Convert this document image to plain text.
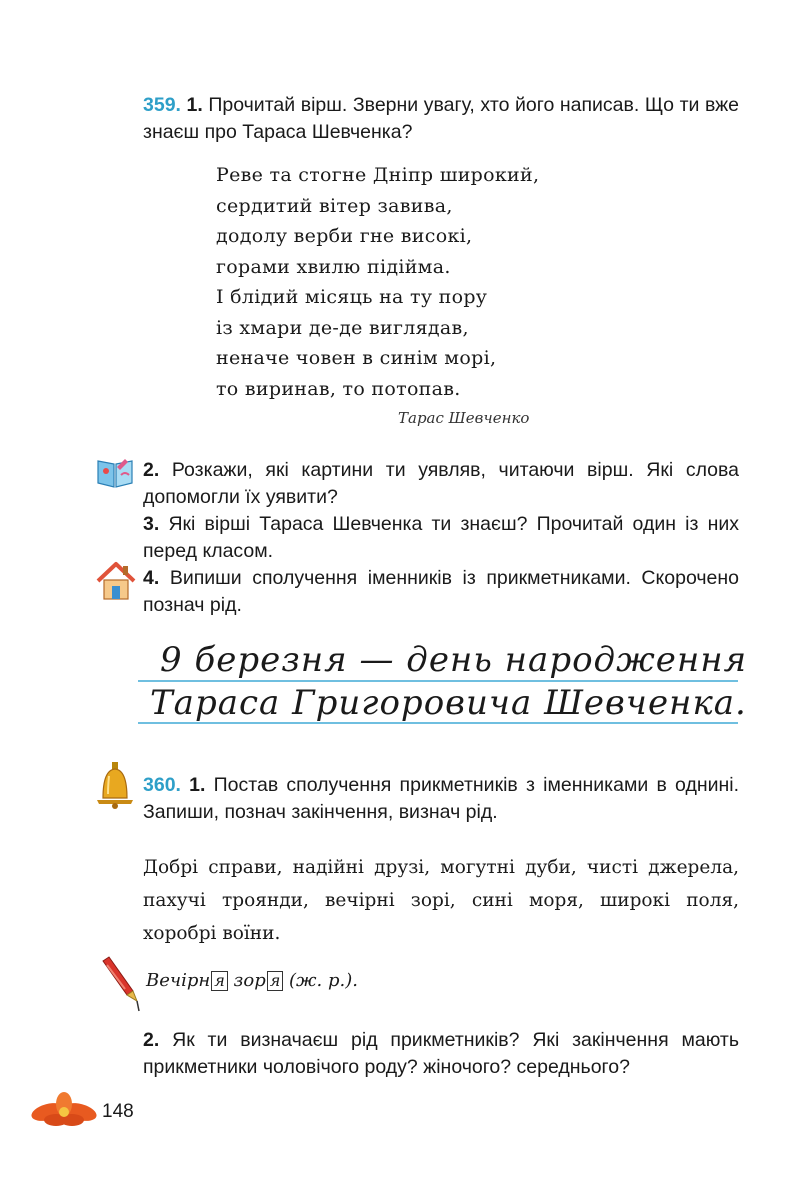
359. 1. Прочитай вірш. Зверни увагу, хто його написав. Що ти вже знаєш про Тараса Шевченка?
Реве та стогне Дніпр широкий,
сердитий вітер завива,
додолу верби гне високі,
горами хвилю підійма.
І блідий місяць на ту пору
із хмари де-де виглядав,
неначе човен в синім морі,
то виринав, то потопав.
Тарас Шевченко
2. Розкажи, які картини ти уявляв, читаючи вірш. Які слова допомогли їх уявити?
3. Які вірші Тараса Шевченка ти знаєш? Прочитай один із них перед класом.
4. Випиши сполучення іменників із прикметниками. Скорочено познач рід.
9 березня — день народження
Тараса Григоровича Шевченка.
360. 1. Постав сполучення прикметників з іменниками в однині. Запиши, познач закінчення, визнач рід.
Добрі справи, надійні друзі, могутні дуби, чисті джерела, пахучі троянди, вечірні зорі, сині моря, широкі поля, хоробрі воїни.
Вечірн я зор я (ж. р.).
2. Як ти визначаєш рід прикметників? Які закінчення мають прикметники чоловічого роду? жіночого? середнього?
148
